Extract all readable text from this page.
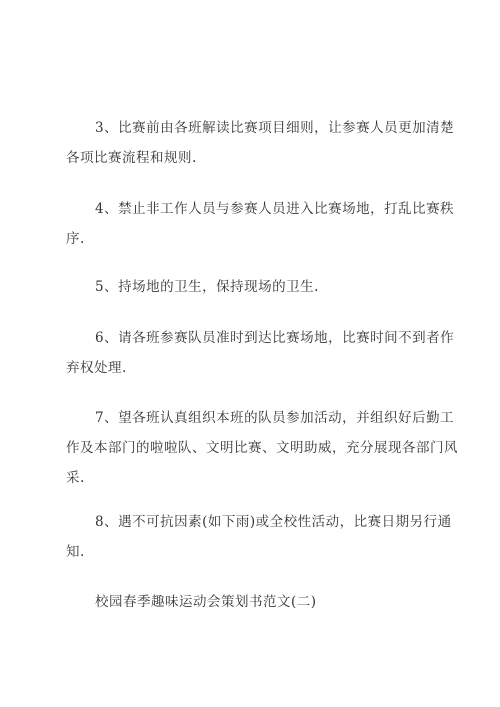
3、比赛前由各班解读比赛项目细则，让参赛人员更加清楚
各项比赛流程和规则.

4、禁止非工作人员与参赛人员进入比赛场地，打乱比赛秩
序.

5、持场地的卫生，保持现场的卫生.

6、请各班参赛队员准时到达比赛场地，比赛时间不到者作
弃权处理.

7、望各班认真组织本班的队员参加活动，并组织好后勤工
作及本部门的啦啦队、文明比赛、文明助威，充分展现各部门风
采.

8、遇不可抗因素(如下雨)或全校性活动，比赛日期另行通
知.

校园春季趣味运动会策划书范文(二)
